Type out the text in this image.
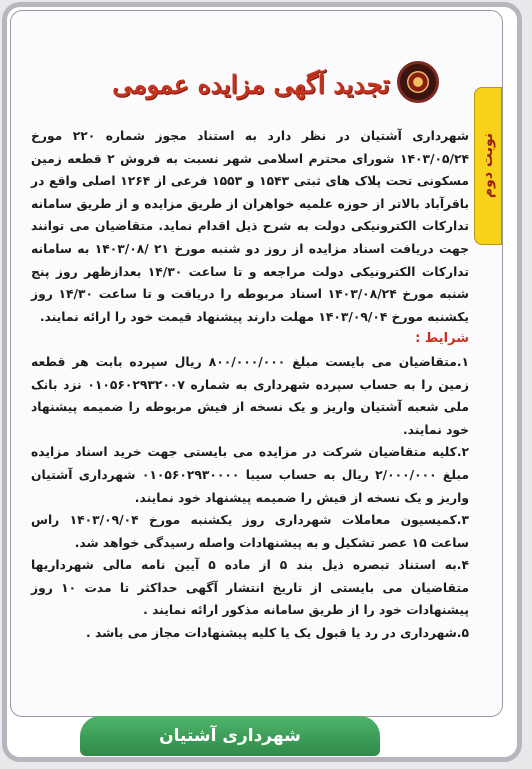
نوبت دوم
تجدید آگهی مزایده عمومی

شهرداری آشتیان در نظر دارد به استناد مجوز شماره ۲۲۰ مورخ ۱۴۰۳/۰۵/۲۴ شورای محترم اسلامی شهر نسبت به فروش ۲ قطعه زمین مسکونی تحت پلاک های ثبتی ۱۵۴۳ و ۱۵۵۳ فرعی از ۱۲۶۴ اصلی واقع در باقرآباد بالاتر از حوزه علمیه خواهران از طریق مزایده و از طریق سامانه تدارکات الکترونیکی دولت به شرح ذیل اقدام نماید. متقاضیان می توانند جهت دریافت اسناد مزایده از روز دو شنبه مورخ ۲۱ /۱۴۰۳/۰۸ به سامانه تدارکات الکترونیکی دولت مراجعه و تا ساعت ۱۴/۳۰ بعدازظهر روز پنج شنبه مورخ ۱۴۰۳/۰۸/۲۴ اسناد مربوطه را دریافت و تا ساعت ۱۴/۳۰ روز یکشنبه مورخ ۱۴۰۳/۰۹/۰۴ مهلت دارند پیشنهاد قیمت خود را ارائه نمایند.

شرایط :

۱.متقاضیان می بایست مبلغ ۸۰۰/۰۰۰/۰۰۰ ریال سپرده بابت هر قطعه زمین را به حساب سپرده شهرداری به شماره ۰۱۰۵۶۰۲۹۳۲۰۰۷ نزد بانک ملی شعبه آشتیان واریز و یک نسخه از فیش مربوطه را ضمیمه پیشنهاد خود نمایند.

۲.کلیه متقاضیان شرکت در مزایده می بایستی جهت خرید اسناد مزایده مبلغ ۲/۰۰۰/۰۰۰ ریال به حساب سیبا ۰۱۰۵۶۰۲۹۳۰۰۰۰ شهرداری آشتیان واریز و یک نسخه از فیش را ضمیمه پیشنهاد خود نمایند.

۳.کمیسیون معاملات شهرداری روز یکشنبه مورخ ۱۴۰۳/۰۹/۰۴ راس ساعت ۱۵ عصر تشکیل و به پیشنهادات واصله رسیدگی خواهد شد.

۴.به استناد تبصره ذیل بند ۵ از ماده ۵ آیین نامه مالی شهرداریها متقاضیان می بایستی از تاریخ انتشار آگهی حداکثر تا مدت ۱۰ روز پیشنهادات خود را از طریق سامانه مذکور ارائه نمایند .

۵.شهرداری در رد یا قبول یک یا کلیه پیشنهادات مجاز می باشد .

شهرداری آشتیان
